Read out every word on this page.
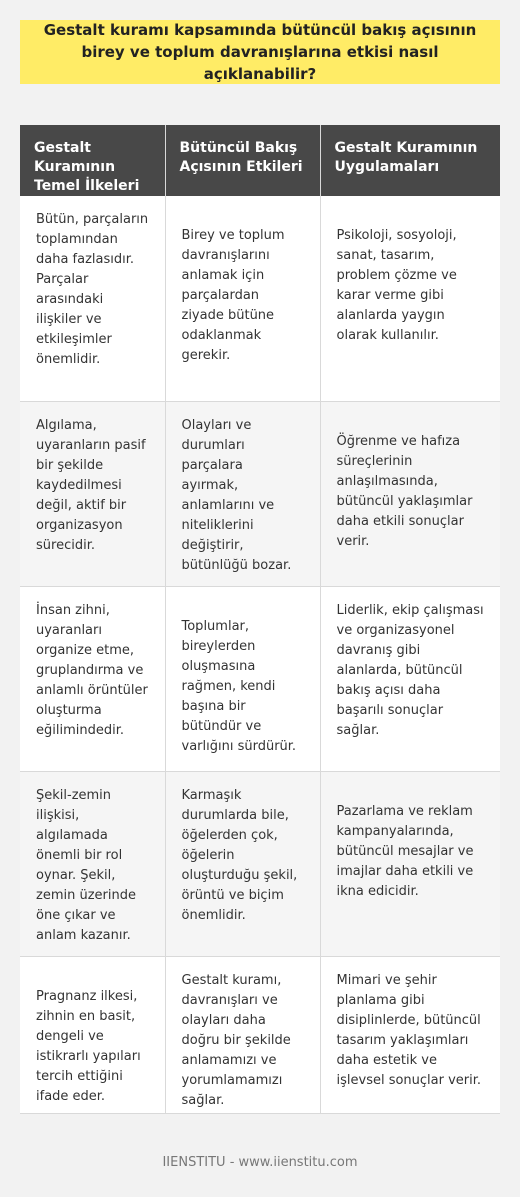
Gestalt kuramı kapsamında bütüncül bakış açısının birey ve toplum davranışlarına etkisi nasıl açıklanabilir?
Gestalt Kuramının Temel İlkeleri	Bütüncül Bakış Açısının Etkileri	Gestalt Kuramının Uygulamaları
Bütün, parçaların toplamından daha fazlasıdır. Parçalar arasındaki ilişkiler ve etkileşimler önemlidir.	Birey ve toplum davranışlarını anlamak için parçalardan ziyade bütüne odaklanmak gerekir.	Psikoloji, sosyoloji, sanat, tasarım, problem çözme ve karar verme gibi alanlarda yaygın olarak kullanılır.
Algılama, uyaranların pasif bir şekilde kaydedilmesi değil, aktif bir organizasyon sürecidir.	Olayları ve durumları parçalara ayırmak, anlamlarını ve niteliklerini değiştirir, bütünlüğü bozar.	Öğrenme ve hafıza süreçlerinin anlaşılmasında, bütüncül yaklaşımlar daha etkili sonuçlar verir.
İnsan zihni, uyaranları organize etme, gruplandırma ve anlamlı örüntüler oluşturma eğilimindedir.	Toplumlar, bireylerden oluşmasına rağmen, kendi başına bir bütündür ve varlığını sürdürür.	Liderlik, ekip çalışması ve organizasyonel davranış gibi alanlarda, bütüncül bakış açısı daha başarılı sonuçlar sağlar.
Şekil-zemin ilişkisi, algılamada önemli bir rol oynar. Şekil, zemin üzerinde öne çıkar ve anlam kazanır.	Karmaşık durumlarda bile, öğelerden çok, öğelerin oluşturduğu şekil, örüntü ve biçim önemlidir.	Pazarlama ve reklam kampanyalarında, bütüncül mesajlar ve imajlar daha etkili ve ikna edicidir.
Pragnanz ilkesi, zihnin en basit, dengeli ve istikrarlı yapıları tercih ettiğini ifade eder.	Gestalt kuramı, davranışları ve olayları daha doğru bir şekilde anlamamızı ve yorumlamamızı sağlar.	Mimari ve şehir planlama gibi disiplinlerde, bütüncül tasarım yaklaşımları daha estetik ve işlevsel sonuçlar verir.
IIENSTITU - www.iienstitu.com
